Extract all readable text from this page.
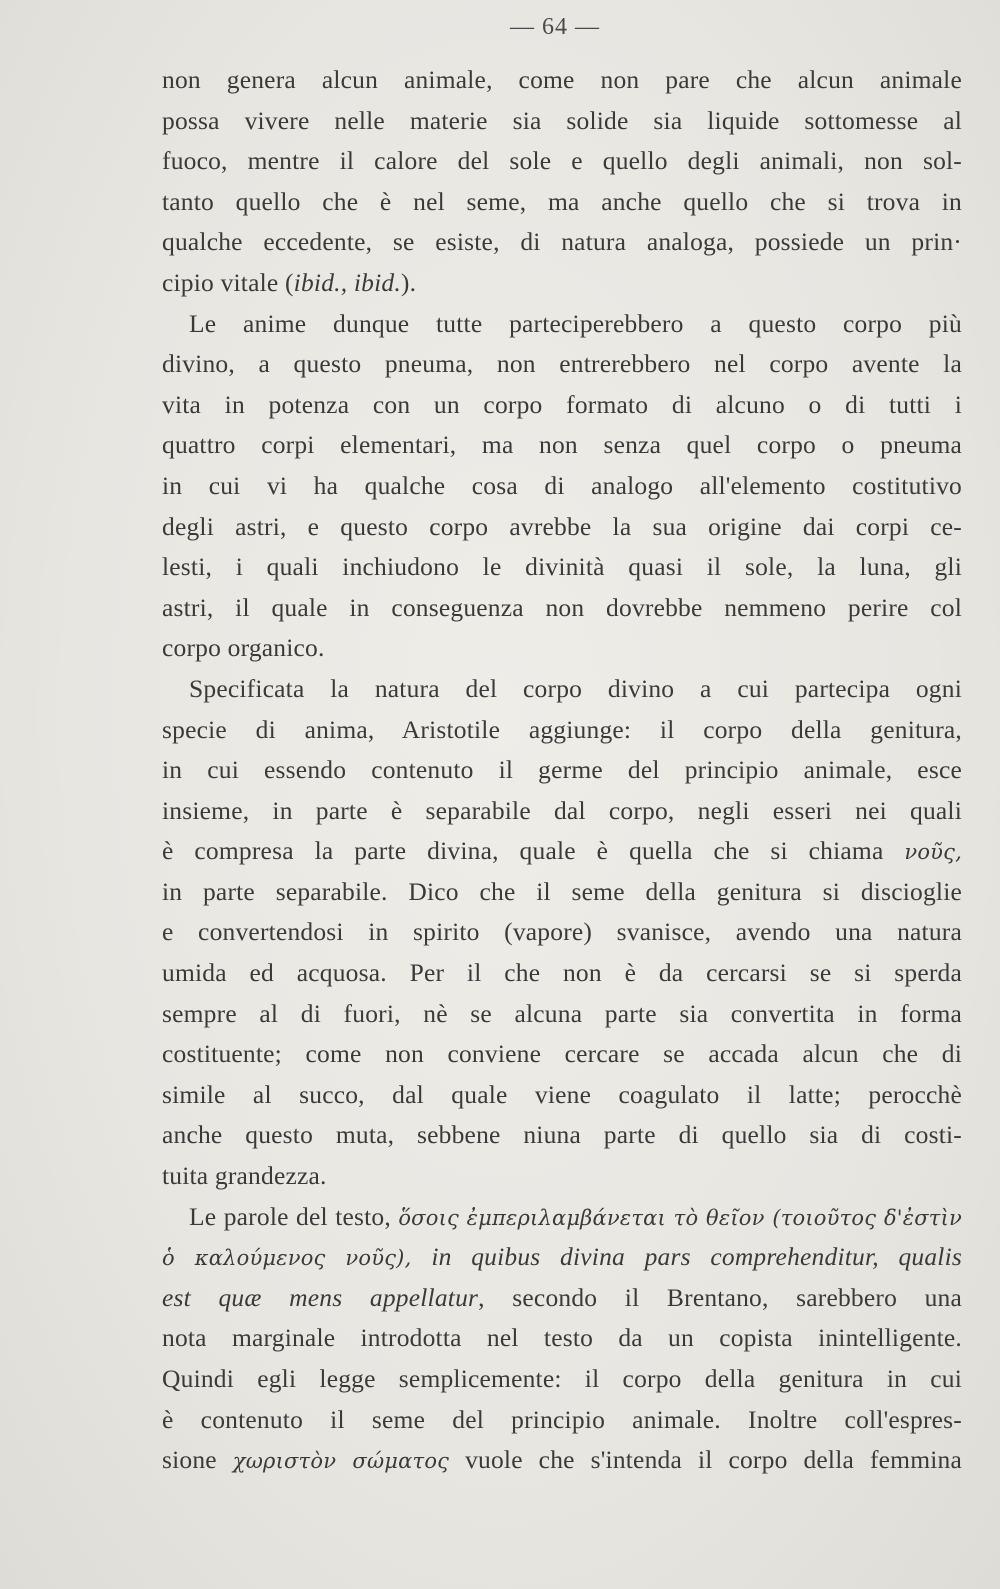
— 64 —
non genera alcun animale, come non pare che alcun animale
possa vivere nelle materie sia solide sia liquide sottomesse al
fuoco, mentre il calore del sole e quello degli animali, non sol-
tanto quello che è nel seme, ma anche quello che si trova in
qualche eccedente, se esiste, di natura analoga, possiede un prin·
cipio vitale (ibid., ibid.).
Le anime dunque tutte parteciperebbero a questo corpo più
divino, a questo pneuma, non entrerebbero nel corpo avente la
vita in potenza con un corpo formato di alcuno o di tutti i
quattro corpi elementari, ma non senza quel corpo o pneuma
in cui vi ha qualche cosa di analogo all'elemento costitutivo
degli astri, e questo corpo avrebbe la sua origine dai corpi ce-
lesti, i quali inchiudono le divinità quasi il sole, la luna, gli
astri, il quale in conseguenza non dovrebbe nemmeno perire col
corpo organico.
Specificata la natura del corpo divino a cui partecipa ogni
specie di anima, Aristotile aggiunge: il corpo della genitura,
in cui essendo contenuto il germe del principio animale, esce
insieme, in parte è separabile dal corpo, negli esseri nei quali
è compresa la parte divina, quale è quella che si chiama νοῦς,
in parte separabile. Dico che il seme della genitura si discioglie
e convertendosi in spirito (vapore) svanisce, avendo una natura
umida ed acquosa. Per il che non è da cercarsi se si sperda
sempre al di fuori, nè se alcuna parte sia convertita in forma
costituente; come non conviene cercare se accada alcun che di
simile al succo, dal quale viene coagulato il latte; perocchè
anche questo muta, sebbene niuna parte di quello sia di costi-
tuita grandezza.
Le parole del testo, ὅσοις ἐμπεριλαμβάνεται τὸ θεῖον (τοιοῦτος δ'ἐστὶν
ὁ καλούμενος νοῦς), in quibus divina pars comprehenditur, qualis
est quæ mens appellatur, secondo il Brentano, sarebbero una
nota marginale introdotta nel testo da un copista inintelligente.
Quindi egli legge semplicemente: il corpo della genitura in cui
è contenuto il seme del principio animale. Inoltre coll'espres-
sione χωριστὸν σώματος vuole che s'intenda il corpo della femmina
